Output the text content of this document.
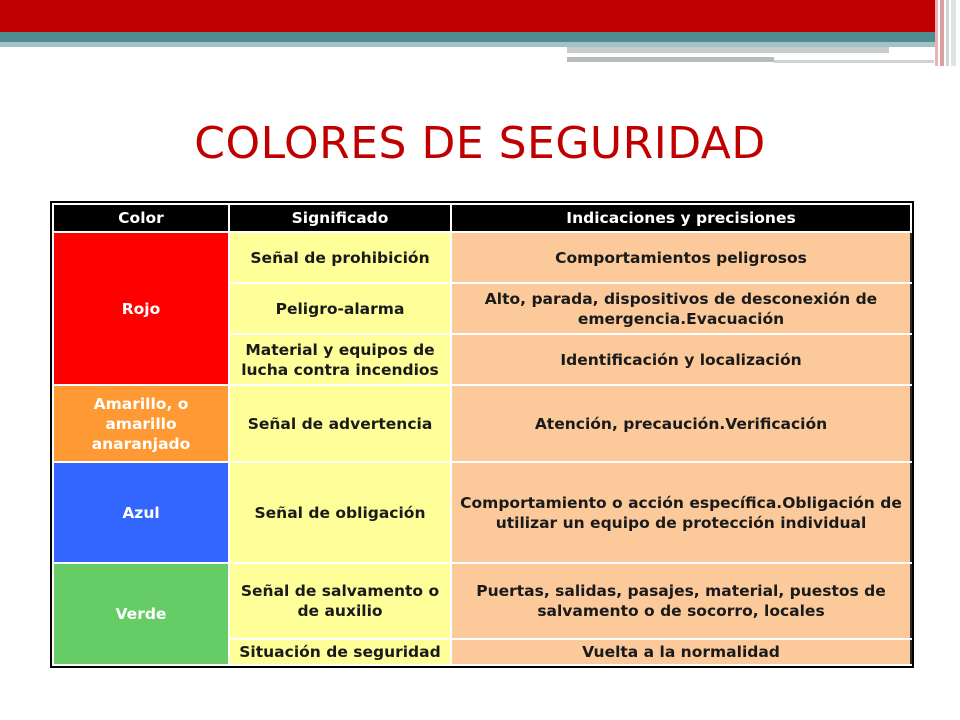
COLORES DE SEGURIDAD
Color	Significado	Indicaciones y precisiones
Rojo	Señal de prohibición	Comportamientos peligrosos
	Peligro-alarma	Alto, parada, dispositivos de desconexión de emergencia.Evacuación
	Material y equipos de lucha contra incendios	Identificación y localización
Amarillo, o amarillo anaranjado	Señal de advertencia	Atención, precaución.Verificación
Azul	Señal de obligación	Comportamiento o acción específica.Obligación de utilizar un equipo de protección individual
Verde	Señal de salvamento o de auxilio	Puertas, salidas, pasajes, material, puestos de salvamento o de socorro, locales
	Situación de seguridad	Vuelta a la normalidad
